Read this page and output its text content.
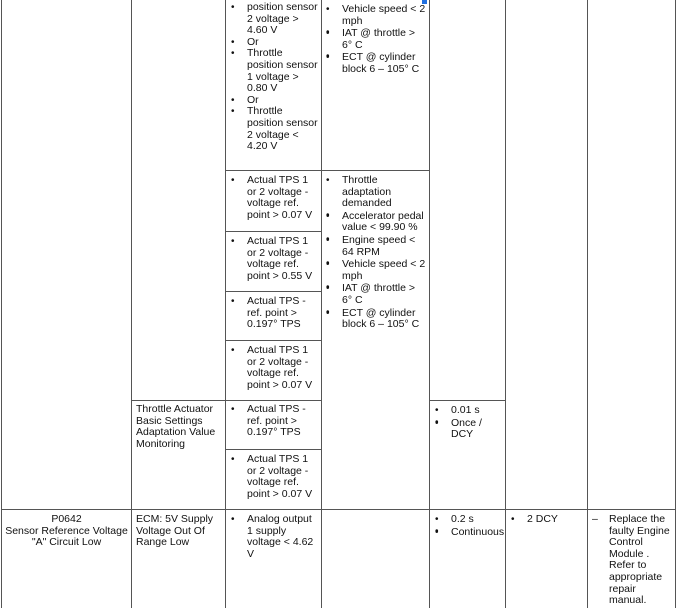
• position sensor 2 voltage > 4.60 V
• Or
• Throttle position sensor 1 voltage > 0.80 V
• Or
• Throttle position sensor 2 voltage < 4.20 V
• Vehicle speed < 2 mph
•
• IAT @ throttle > 6° C
•
• ECT @ cylinder block 6 – 105° C
• Actual TPS 1 or 2 voltage - voltage ref. point > 0.07 V
• Actual TPS 1 or 2 voltage - voltage ref. point > 0.55 V
• Actual TPS - ref. point > 0.197° TPS
• Actual TPS 1 or 2 voltage - voltage ref. point > 0.07 V
• Throttle adaptation demanded
•
• Accelerator pedal value < 99.90 %
•
• Engine speed < 64 RPM
•
• Vehicle speed < 2 mph
•
• IAT @ throttle > 6° C
•
• ECT @ cylinder block 6 – 105° C
Throttle Actuator Basic Settings Adaptation Value Monitoring
• Actual TPS - ref. point > 0.197° TPS
• Actual TPS 1 or 2 voltage - voltage ref. point > 0.07 V
• 0.01 s
•
• Once / DCY
P0642
Sensor Reference Voltage "A" Circuit Low
ECM: 5V Supply Voltage Out Of Range Low
• Analog output 1 supply voltage < 4.62 V
• 0.2 s
•
• Continuous
• 2 DCY
–	Replace the faulty Engine Control Module . Refer to appropriate repair manual.
